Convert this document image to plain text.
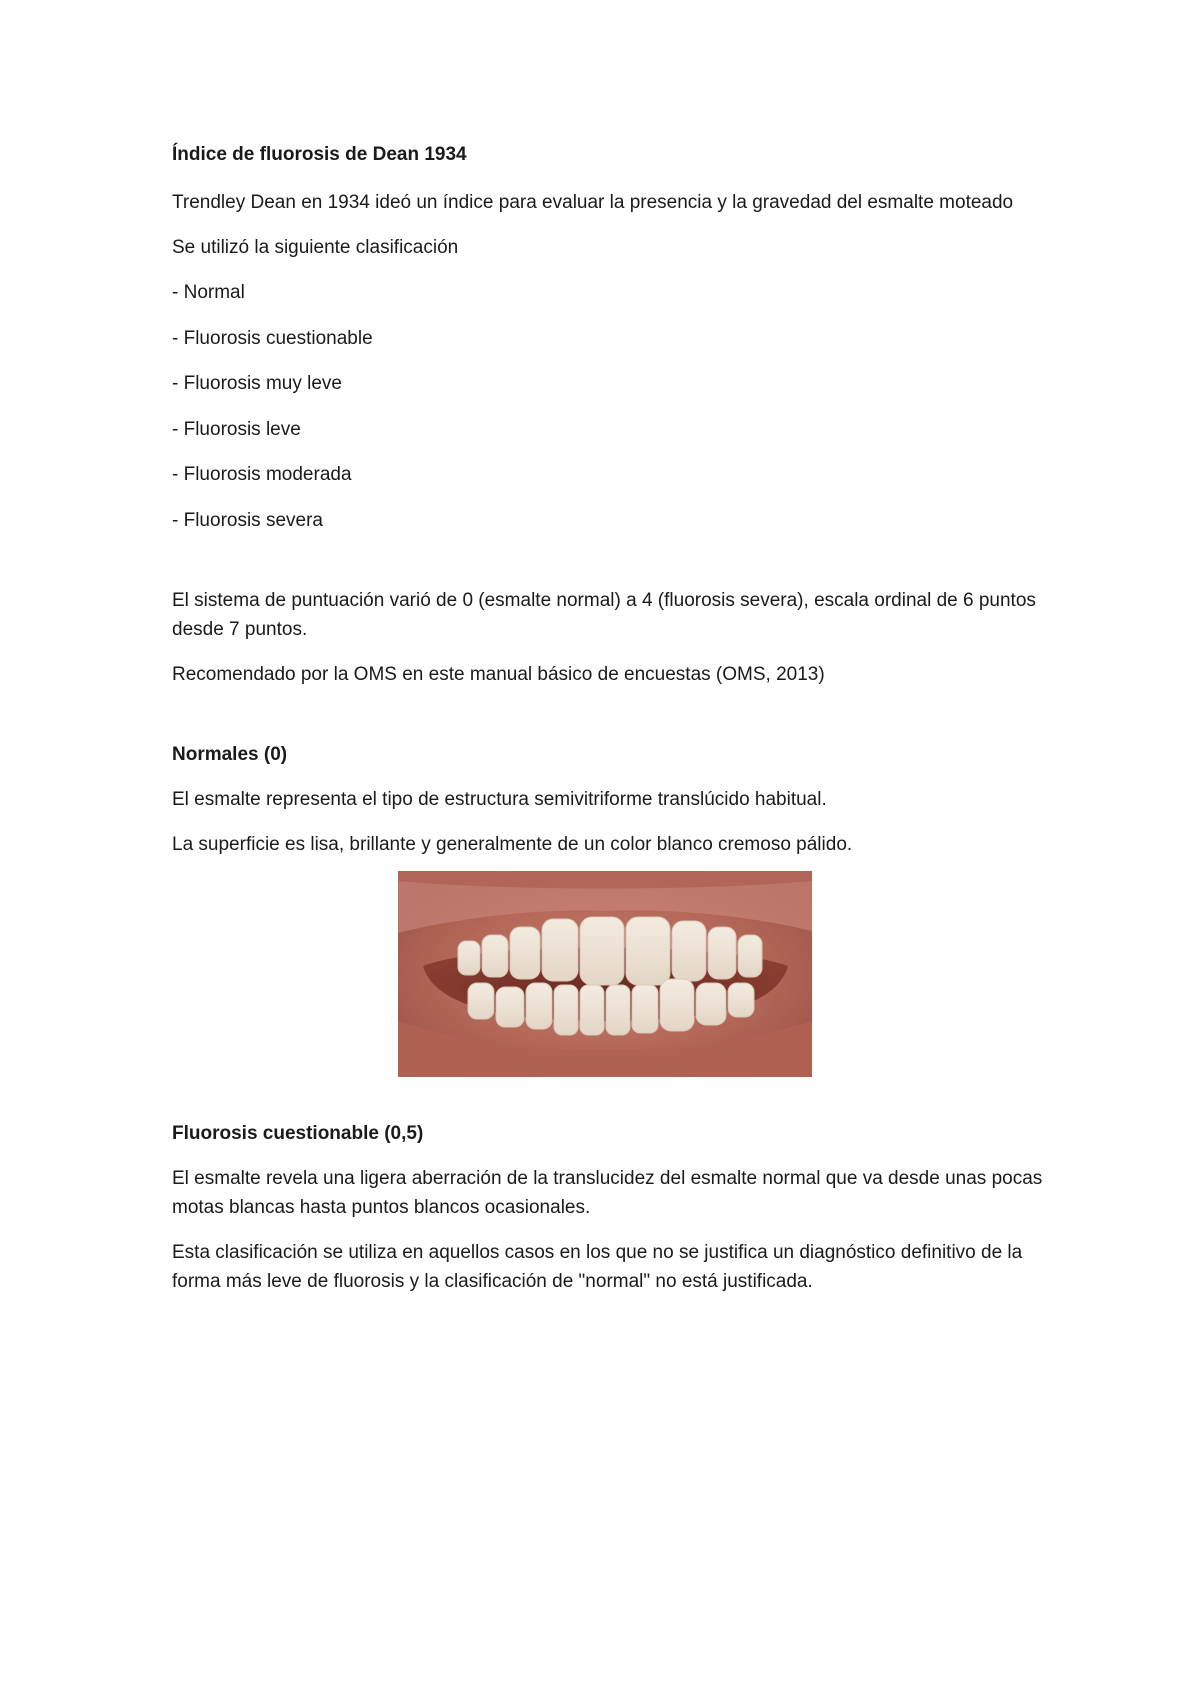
Índice de fluorosis de Dean 1934

Trendley Dean en 1934 ideó un índice para evaluar la presencia y la gravedad del esmalte moteado

Se utilizó la siguiente clasificación

- Normal
- Fluorosis cuestionable
- Fluorosis muy leve
- Fluorosis leve
- Fluorosis moderada
- Fluorosis severa

El sistema de puntuación varió de 0 (esmalte normal) a 4 (fluorosis severa), escala ordinal de 6 puntos desde 7 puntos.

Recomendado por la OMS en este manual básico de encuestas (OMS, 2013)

Normales (0)

El esmalte representa el tipo de estructura semivitriforme translúcido habitual.

La superficie es lisa, brillante y generalmente de un color blanco cremoso pálido.

Fluorosis cuestionable (0,5)

El esmalte revela una ligera aberración de la translucidez del esmalte normal que va desde unas pocas motas blancas hasta puntos blancos ocasionales.

Esta clasificación se utiliza en aquellos casos en los que no se justifica un diagnóstico definitivo de la forma más leve de fluorosis y la clasificación de "normal" no está justificada.
